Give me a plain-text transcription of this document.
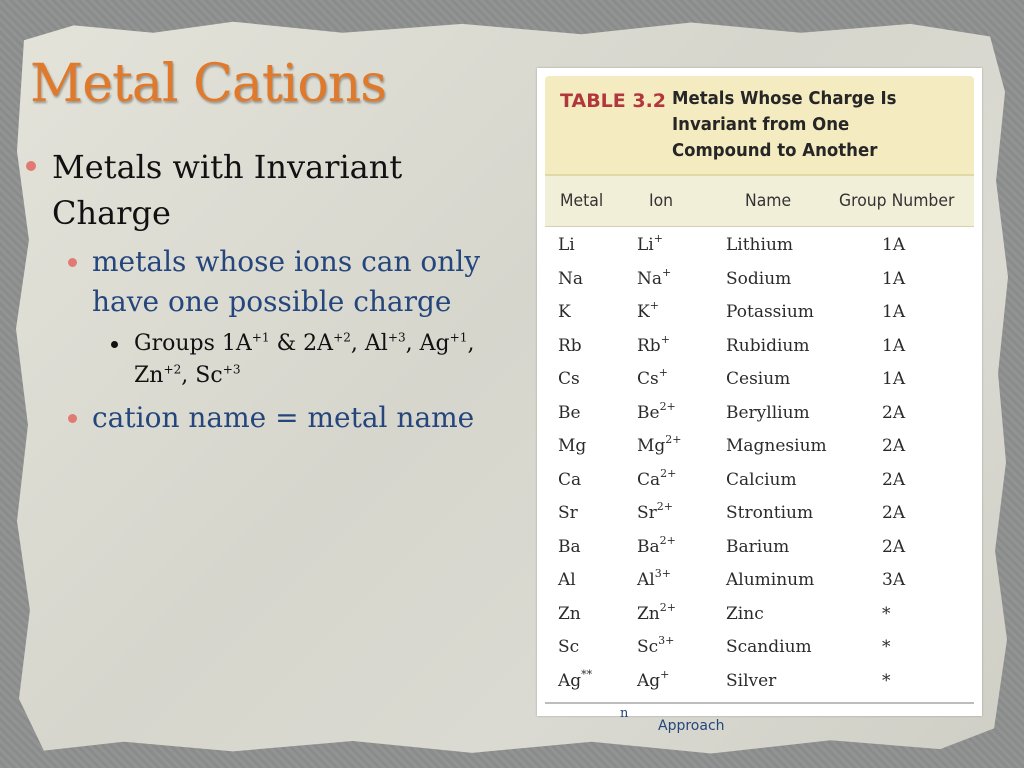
Metal Cations

Metals with Invariant Charge

metals whose ions can only have one possible charge

Groups $1A^{+1}$ & $2A^{+2}$, $Al^{+3}$, $Ag^{+1}$, $Zn^{+2}$, $Sc^{+3}$

cation name = metal name

TABLE 3.2 Metals Whose Charge Is Invariant from One Compound to Another
Metal	Ion	Name	Group Number
Li	Li+	Lithium	1A
Na	Na+	Sodium	1A
K	K+	Potassium	1A
Rb	Rb+	Rubidium	1A
Cs	Cs+	Cesium	1A
Be	$Be^{2+}$	Beryllium	2A
Mg	$Mg^{2+}$	Magnesium	2A
Ca	$Ca^{2+}$	Calcium	2A
Sr	$Sr^{2+}$	Strontium	2A
Ba	$Ba^{2+}$	Barium	2A
Al	$Al^{3+}$	Aluminum	3A
Zn	$Zn^{2+}$	Zinc	*
Sc	$Sc^{3+}$	Scandium	*
Ag**	Ag+	Silver	*
n
Approach
